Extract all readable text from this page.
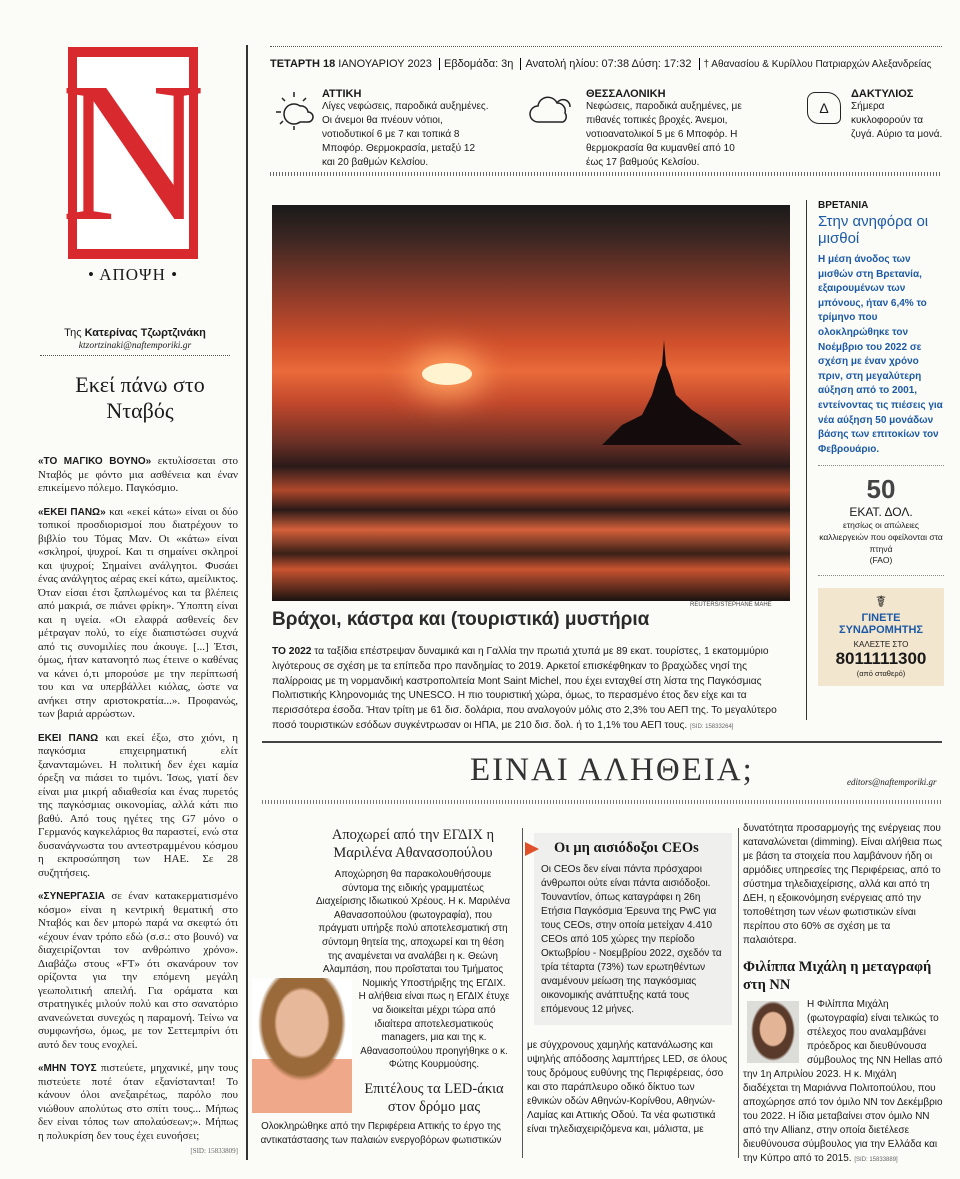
N
• ΑΠΟΨΗ •
Της Κατερίνας Τζωρτζινάκη
ktzortzinaki@naftemporiki.gr
Εκεί πάνω στο Νταβός

«ΤΟ ΜΑΓΙΚΟ ΒΟΥΝΟ» εκτυλίσσεται στο Νταβός με φόντο μια ασθένεια και έναν επικείμενο πόλεμο. Παγκόσμιο.

«ΕΚΕΙ ΠΑΝΩ» και «εκεί κάτω» είναι οι δύο τοπικοί προσδιορισμοί που διατρέχουν το βιβλίο του Τόμας Μαν. Οι «κάτω» είναι «σκληροί, ψυχροί. Και τι σημαίνει σκληροί και ψυχροί; Σημαίνει ανάλγητοι. Φυσάει ένας ανάλγητος αέρας εκεί κάτω, αμείλικτος. Όταν είσαι έτσι ξαπλωμένος και τα βλέπεις από μακριά, σε πιάνει φρίκη». Ύποπτη είναι και η υγεία. «Οι ελαφρά ασθενείς δεν μέτραγαν πολύ, το είχε διαπιστώσει συχνά από τις συνομιλίες που άκουγε. [...] Έτσι, όμως, ήταν κατανοητό πως έτεινε ο καθένας να κάνει ό,τι μπορούσε με την περίπτωσή του και να υπερβάλλει κιόλας, ώστε να ανήκει στην αριστοκρατία...». Προφανώς, των βαριά αρρώστων.

ΕΚΕΙ ΠΑΝΩ και εκεί έξω, στο χιόνι, η παγκόσμια επιχειρηματική ελίτ ξανανταμώνει. Η πολιτική δεν έχει καμία όρεξη να πιάσει το τιμόνι. Ίσως, γιατί δεν είναι μια μικρή αδιαθεσία και ένας πυρετός της παγκόσμιας οικονομίας, αλλά κάτι πιο βαθύ. Από τους ηγέτες της G7 μόνο ο Γερμανός καγκελάριος θα παραστεί, ενώ στα δυσανάγνωστα του αντεστραμμένου κόσμου η εκπροσώπηση των ΗΑΕ. Σε 28 συζητήσεις.

«ΣΥΝΕΡΓΑΣΙΑ σε έναν κατακερματισμένο κόσμο» είναι η κεντρική θεματική στο Νταβός και δεν μπορώ παρά να σκεφτώ ότι «έχουν έναν τρόπο εδώ (σ.σ.: στο βουνό) να διαχειρίζονται τον ανθρώπινο χρόνο». Διαβάζω στους «FT» ότι σκανάρουν τον ορίζοντα για την επόμενη μεγάλη γεωπολιτική απειλή. Για οράματα και στρατηγικές μιλούν πολύ και στο σανατόριο ανανεώνεται συνεχώς η παραμονή. Τείνω να συμφωνήσω, όμως, με τον Σεττεμπρίνι ότι αυτό δεν τους ενοχλεί.

«ΜΗΝ ΤΟΥΣ πιστεύετε, μηχανικέ, μην τους πιστεύετε ποτέ όταν εξανίστανται! Το κάνουν όλοι ανεξαιρέτως, παρόλο που νιώθουν απολύτως στο σπίτι τους... Μήπως δεν είναι τόπος των απολαύσεων;». Μήπως η πολυκρίση δεν τους έχει ευνοήσει;

[SID: 15833809]
ΤΕΤΑΡΤΗ 18 ΙΑΝΟΥΑΡΙΟΥ 2023 Εβδομάδα: 3η Ανατολή ηλίου: 07:38 Δύση: 17:32 † Αθανασίου & Κυρίλλου Πατριαρχών Αλεξανδρείας
ΑΤΤΙΚΗ
Λίγες νεφώσεις, παροδικά αυξημένες. Οι άνεμοι θα πνέουν νότιοι, νοτιοδυτικοί 6 με 7 και τοπικά 8 Μποφόρ. Θερμοκρασία, μεταξύ 12 και 20 βαθμών Κελσίου.
ΘΕΣΣΑΛΟΝΙΚΗ
Νεφώσεις, παροδικά αυξημένες, με πιθανές τοπικές βροχές. Άνεμοι, νοτιοανατολικοί 5 με 6 Μποφόρ. Η θερμοκρασία θα κυμανθεί από 10 έως 17 βαθμούς Κελσίου.
Δ
ΔΑΚΤΥΛΙΟΣ
Σήμερα κυκλοφορούν τα ζυγά. Αύριο τα μονά.
REUTERS/STEPHANE MAHE
Βράχοι, κάστρα και (τουριστικά) μυστήρια
ΤΟ 2022 τα ταξίδια επέστρεψαν δυναμικά και η Γαλλία την πρωτιά χτυπά με 89 εκατ. τουρίστες, 1 εκατομμύριο λιγότερους σε σχέση με τα επίπεδα προ πανδημίας το 2019. Αρκετοί επισκέφθηκαν το βραχώδες νησί της παλίρροιας με τη νορμανδική καστροπολιτεία Mont Saint Michel, που έχει ενταχθεί στη λίστα της Παγκόσμιας Πολιτιστικής Κληρονομιάς της UNESCO. Η πιο τουριστική χώρα, όμως, το περασμένο έτος δεν είχε και τα περισσότερα έσοδα. Ήταν τρίτη με 61 δισ. δολάρια, που αναλογούν μόλις στο 2,3% του ΑΕΠ της. Το μεγαλύτερο ποσό τουριστικών εσόδων συγκέντρωσαν οι ΗΠΑ, με 210 δισ. δολ. ή το 1,1% του ΑΕΠ τους. [SID: 15833264]
ΒΡΕΤΑΝΙΑ
Στην ανηφόρα οι μισθοί
Η μέση άνοδος των μισθών στη Βρετανία, εξαιρουμένων των μπόνους, ήταν 6,4% το τρίμηνο που ολοκληρώθηκε τον Νοέμβριο του 2022 σε σχέση με έναν χρόνο πριν, στη μεγαλύτερη αύξηση από το 2001, εντείνοντας τις πιέσεις για νέα αύξηση 50 μονάδων βάσης των επιτοκίων τον Φεβρουάριο.
50
ΕΚΑΤ. ΔΟΛ.
ετησίως οι απώλειες καλλιεργειών που οφείλονται στα πτηνά
(FAO)
☤
ΓΙΝΕΤΕ ΣΥΝΔΡΟΜΗΤΗΣ
ΚΑΛΕΣΤΕ ΣΤΟ
8011111300
(από σταθερό)
ΕΙΝΑΙ ΑΛΗΘΕΙΑ;	editors@naftemporiki.gr
Αποχωρεί από την ΕΓΔΙΧ η Μαριλένα Αθανασοπούλου
Αποχώρηση θα παρακολουθήσουμε σύντομα της ειδικής γραμματέως Διαχείρισης Ιδιωτικού Χρέους. Η κ. Μαριλένα Αθανασοπούλου (φωτογραφία), που πράγματι υπήρξε πολύ αποτελεσματική στη σύντομη θητεία της, αποχωρεί και τη θέση της αναμένεται να αναλάβει η κ. Θεώνη Αλαμπάση, που προΐσταται του Τμήματος Νομικής Υποστήριξης της ΕΓΔΙΧ. Η αλήθεια είναι πως η ΕΓΔΙΧ έτυχε να διοικείται μέχρι τώρα από ιδιαίτερα αποτελεσματικούς managers, μια και της κ. Αθανασοπούλου προηγήθηκε ο κ. Φώτης Κουρμούσης.
Επιτέλους τα LED-άκια στον δρόμο μας
Ολοκληρώθηκε από την Περιφέρεια Αττικής το έργο της αντικατάστασης των παλαιών ενεργοβόρων φωτιστικών
Οι μη αισιόδοξοι CEOs
Οι CEOs δεν είναι πάντα πρόσχαροι άνθρωποι ούτε είναι πάντα αισιόδοξοι. Τουναντίον, όπως καταγράφει η 26η Ετήσια Παγκόσμια Έρευνα της PwC για τους CEOs, στην οποία μετείχαν 4.410 CEOs από 105 χώρες την περίοδο Οκτωβρίου - Νοεμβρίου 2022, σχεδόν τα τρία τέταρτα (73%) των ερωτηθέντων αναμένουν μείωση της παγκόσμιας οικονομικής ανάπτυξης κατά τους επόμενους 12 μήνες.
με σύγχρονους χαμηλής κατανάλωσης και υψηλής απόδοσης λαμπτήρες LED, σε όλους τους δρόμους ευθύνης της Περιφέρειας, όσο και στο παράπλευρο οδικό δίκτυο των εθνικών οδών Αθηνών-Κορίνθου, Αθηνών-Λαμίας και Αττικής Οδού. Τα νέα φωτιστικά είναι τηλεδιαχειριζόμενα και, μάλιστα, με
δυνατότητα προσαρμογής της ενέργειας που καταναλώνεται (dimming). Είναι αλήθεια πως με βάση τα στοιχεία που λαμβάνουν ήδη οι αρμόδιες υπηρεσίες της Περιφέρειας, από το σύστημα τηλεδιαχείρισης, αλλά και από τη ΔΕΗ, η εξοικονόμηση ενέργειας από την τοποθέτηση των νέων φωτιστικών είναι περίπου στο 60% σε σχέση με τα παλαιότερα.
Φιλίππα Μιχάλη η μεταγραφή στη ΝΝ
Η Φιλίππα Μιχάλη (φωτογραφία) είναι τελικώς το στέλεχος που αναλαμβάνει πρόεδρος και διευθύνουσα σύμβουλος της NN Hellas από την 1η Απριλίου 2023. Η κ. Μιχάλη διαδέχεται τη Μαριάννα Πολιτοπούλου, που αποχώρησε από τον όμιλο ΝΝ τον Δεκέμβριο του 2022. Η ίδια μεταβαίνει στον όμιλο ΝΝ από την Allianz, στην οποία διετέλεσε διευθύνουσα σύμβουλος για την Ελλάδα και την Κύπρο από το 2015. [SID: 15833889]
